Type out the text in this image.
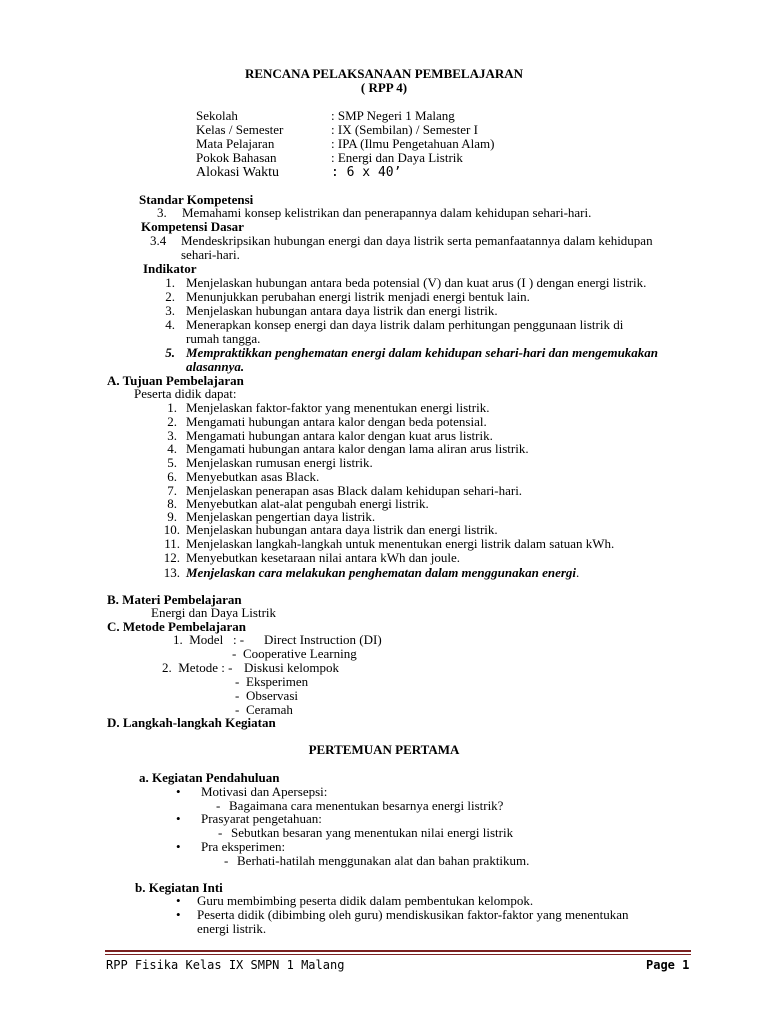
RENCANA PELAKSANAAN PEMBELAJARAN
( RPP 4)
Sekolah	: SMP Negeri 1 Malang
Kelas / Semester	: IX (Sembilan) / Semester I
Mata Pelajaran	: IPA (Ilmu Pengetahuan Alam)
Pokok Bahasan	: Energi dan Daya Listrik
Alokasi Waktu	: 6 x 40’
Standar Kompetensi
3. Memahami konsep kelistrikan dan penerapannya dalam kehidupan sehari-hari.
Kompetensi Dasar
3.4 Mendeskripsikan hubungan energi dan daya listrik serta pemanfaatannya dalam kehidupan
sehari-hari.
Indikator
1. Menjelaskan hubungan antara beda potensial (V) dan kuat arus (I ) dengan energi listrik.
2. Menunjukkan perubahan energi listrik menjadi energi bentuk lain.
3. Menjelaskan hubungan antara daya listrik dan energi listrik.
4. Menerapkan konsep energi dan daya listrik dalam perhitungan penggunaan listrik di
rumah tangga.
5. Mempraktikkan penghematan energi dalam kehidupan sehari-hari dan mengemukakan
alasannya.
A. Tujuan Pembelajaran
Peserta didik dapat:
1. Menjelaskan faktor-faktor yang menentukan energi listrik.
2. Mengamati hubungan antara kalor dengan beda potensial.
3. Mengamati hubungan antara kalor dengan kuat arus listrik.
4. Mengamati hubungan antara kalor dengan lama aliran arus listrik.
5. Menjelaskan rumusan energi listrik.
6. Menyebutkan asas Black.
7. Menjelaskan penerapan asas Black dalam kehidupan sehari-hari.
8. Menyebutkan alat-alat pengubah energi listrik.
9. Menjelaskan pengertian daya listrik.
10. Menjelaskan hubungan antara daya listrik dan energi listrik.
11. Menjelaskan langkah-langkah untuk menentukan energi listrik dalam satuan kWh.
12. Menyebutkan kesetaraan nilai antara kWh dan joule.
13. Menjelaskan cara melakukan penghematan dalam menggunakan energi.
B. Materi Pembelajaran
Energi dan Daya Listrik
C. Metode Pembelajaran
1.  Model   : - Direct Instruction (DI)
- Cooperative Learning
2.  Metode : - Diskusi kelompok
- Eksperimen
- Observasi
- Ceramah
D. Langkah-langkah Kegiatan
PERTEMUAN PERTAMA
a. Kegiatan Pendahuluan
• Motivasi dan Apersepsi:
- Bagaimana cara menentukan besarnya energi listrik?
• Prasyarat pengetahuan:
- Sebutkan besaran yang menentukan nilai energi listrik
• Pra eksperimen:
- Berhati-hatilah menggunakan alat dan bahan praktikum.
b. Kegiatan Inti
• Guru membimbing peserta didik dalam pembentukan kelompok.
• Peserta didik (dibimbing oleh guru) mendiskusikan faktor-faktor yang menentukan
energi listrik.
RPP Fisika Kelas IX SMPN 1 Malang	Page 1
